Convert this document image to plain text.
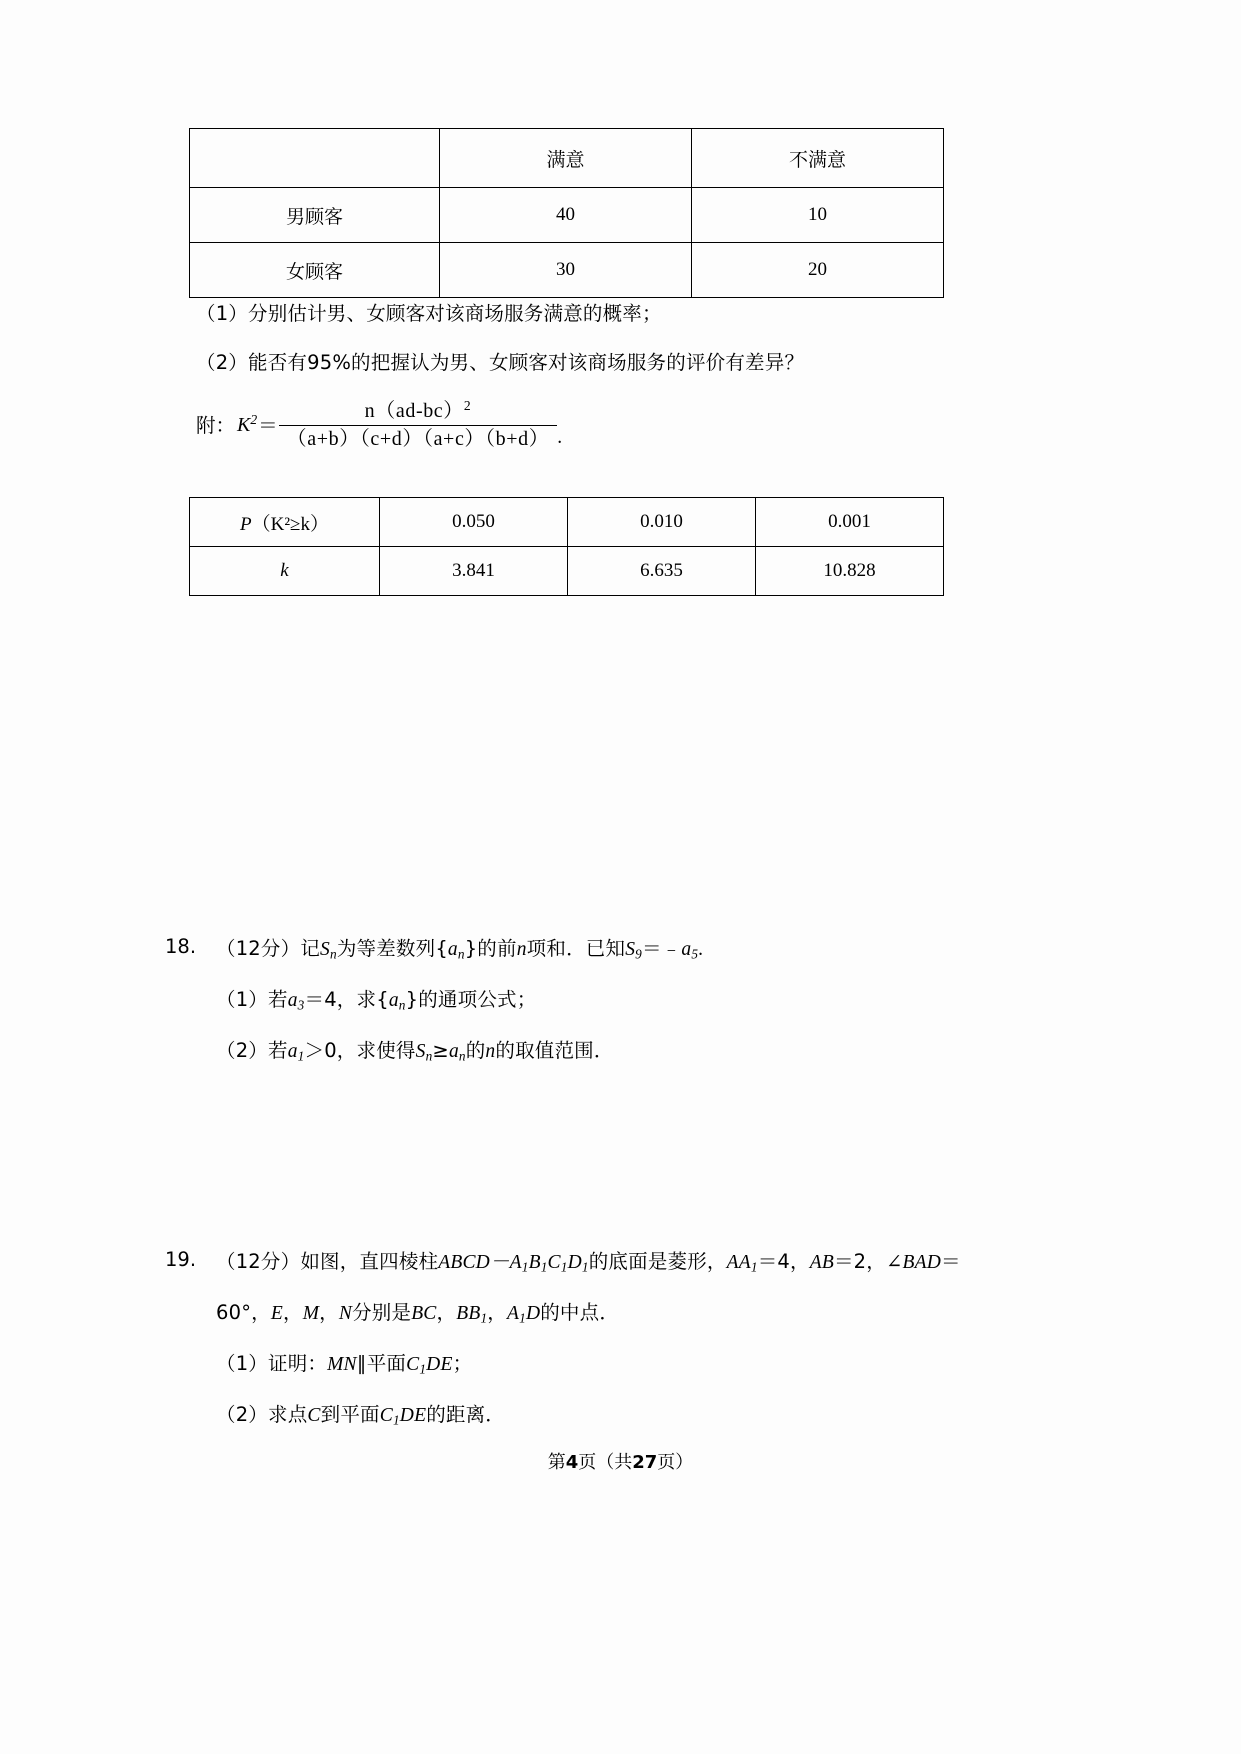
	满意	不满意
男顾客	40	10
女顾客	30	20
（1）分别估计男、女顾客对该商场服务满意的概率；
（2）能否有95%的把握认为男、女顾客对该商场服务的评价有差异？
附： $K^2 = \frac{n(ad-bc)^2}{(a+b)(c+d)(a+c)(b+d)}$ .
P（K²≥k）	0.050	0.010	0.001
k	3.841	6.635	10.828
18. （12分）记$S_n$为等差数列$\{a_n\}$的前n项和．已知$S_9=﹣a_5$.
（1）若$a_3=4$，求$\{a_n\}$的通项公式；
（2）若$a_1>0$，求使得$S_n\ge a_n$的n的取值范围．
19. （12分）如图，直四棱柱$ABCD-A_1B_1C_1D_1$的底面是菱形，$AA_1=4$，AB＝2，∠BAD＝
60°，E，M，N分别是BC，$BB_1$，$A_1D$的中点．
（1）证明：MN∥平面$C_1DE$；
（2）求点C到平面$C_1DE$的距离．
第4页（共27页）
